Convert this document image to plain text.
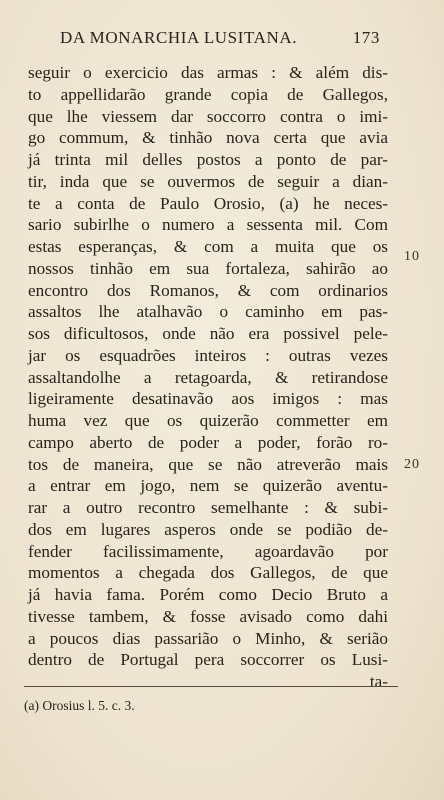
DA MONARCHIA LUSITANA.	173
seguir o exercicio das armas : & além dis-
to appellidarão grande copia de Gallegos,
que lhe viessem dar soccorro contra o imi-
go commum, & tinhão nova certa que avia
já trinta mil delles postos a ponto de par-
tir, inda que se ouvermos de seguir a dian-
te a conta de Paulo Orosio, (a) he neces-
sario subirlhe o numero a sessenta mil. Com
estas esperanças, & com a muita que os
nossos tinhão em sua fortaleza, sahirão ao
encontro dos Romanos, & com ordinarios
assaltos lhe atalhavão o caminho em pas-
sos dificultosos, onde não era possivel pele-
jar os esquadrões inteiros : outras vezes
assaltandolhe a retagoarda, & retirandose
ligeiramente desatinavão aos imigos : mas
huma vez que os quizerão commetter em
campo aberto de poder a poder, forão ro-
tos de maneira, que se não atreverão mais
a entrar em jogo, nem se quizerão aventu-
rar a outro recontro semelhante : & subi-
dos em lugares asperos onde se podião de-
fender facilissimamente, agoardavão por
momentos a chegada dos Gallegos, de que
já havia fama. Porém como Decio Bruto a
tivesse tambem, & fosse avisado como dahi
a poucos dias passarião o Minho, & serião
dentro de Portugal pera soccorrer os Lusi-
ta-
10
20
(a) Orosius l. 5. c. 3.
